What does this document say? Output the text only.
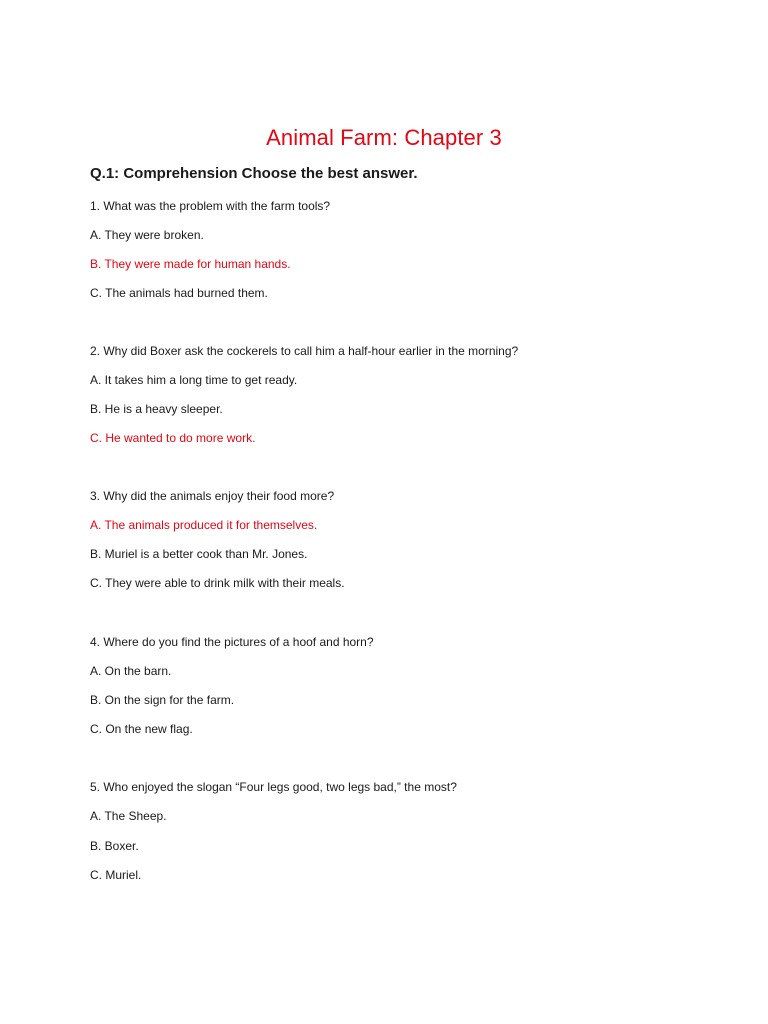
Animal Farm: Chapter 3
Q.1: Comprehension Choose the best answer.
1. What was the problem with the farm tools?
A. They were broken.
B. They were made for human hands.
C. The animals had burned them.
2. Why did Boxer ask the cockerels to call him a half-hour earlier in the morning?
A. It takes him a long time to get ready.
B. He is a heavy sleeper.
C. He wanted to do more work.
3. Why did the animals enjoy their food more?
A. The animals produced it for themselves.
B. Muriel is a better cook than Mr. Jones.
C. They were able to drink milk with their meals.
4. Where do you find the pictures of a hoof and horn?
A. On the barn.
B. On the sign for the farm.
C. On the new flag.
5. Who enjoyed the slogan “Four legs good, two legs bad,” the most?
A. The Sheep.
B. Boxer.
C. Muriel.
